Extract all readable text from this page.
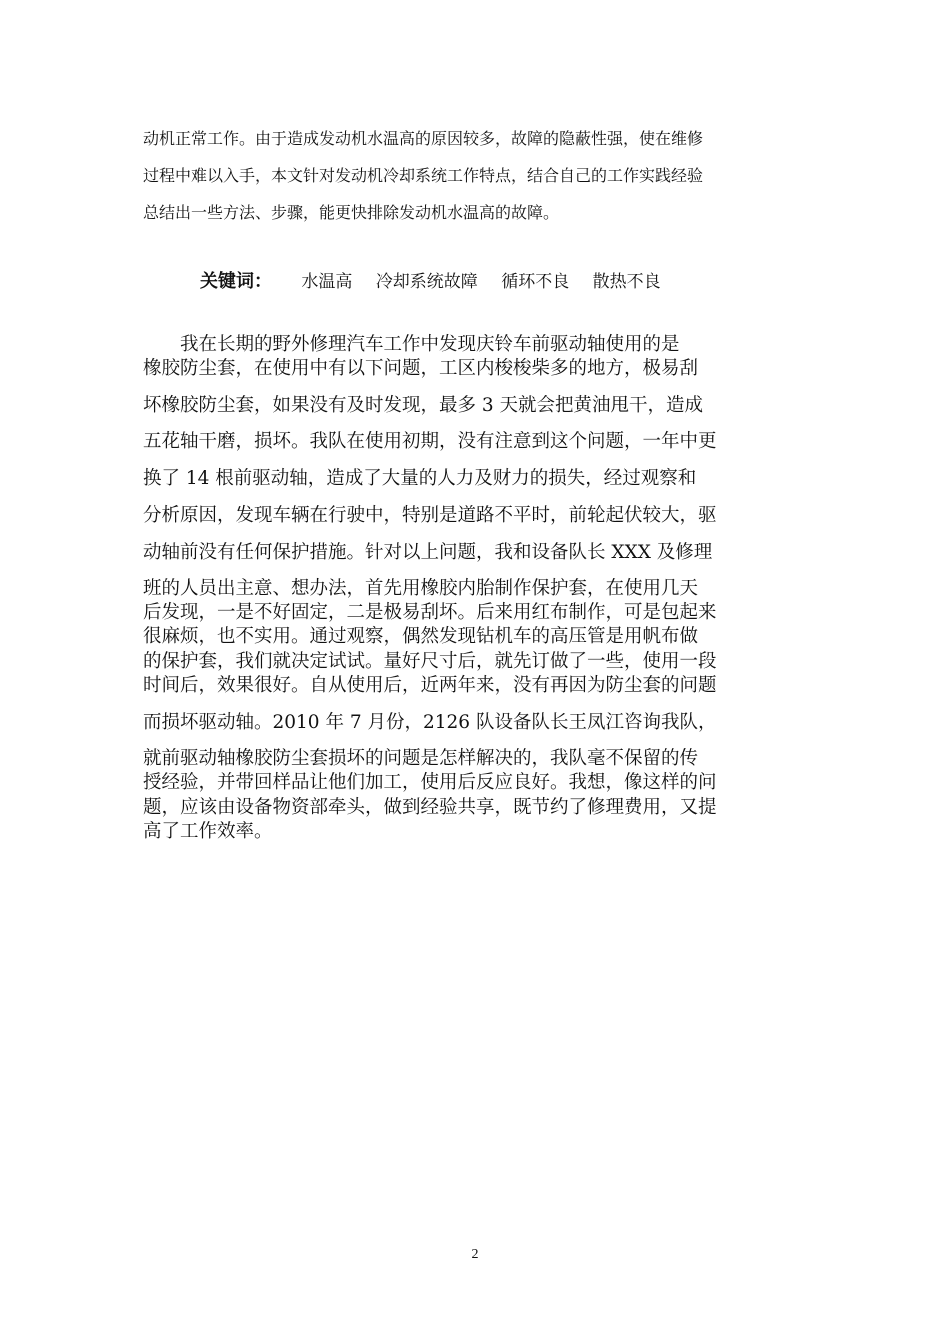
动机正常工作。由于造成发动机水温高的原因较多，故障的隐蔽性强，使在维修
过程中难以入手，本文针对发动机冷却系统工作特点，结合自己的工作实践经验
总结出一些方法、步骤，能更快排除发动机水温高的故障。
关键词： 水温高 冷却系统故障 循环不良 散热不良
我在长期的野外修理汽车工作中发现庆铃车前驱动轴使用的是
橡胶防尘套，在使用中有以下问题，工区内梭梭柴多的地方，极易刮
坏橡胶防尘套，如果没有及时发现，最多 3 天就会把黄油甩干，造成
五花轴干磨，损坏。我队在使用初期，没有注意到这个问题，一年中更
换了 14 根前驱动轴，造成了大量的人力及财力的损失，经过观察和
分析原因，发现车辆在行驶中，特别是道路不平时，前轮起伏较大，驱
动轴前没有任何保护措施。针对以上问题，我和设备队长 XXX 及修理
班的人员出主意、想办法，首先用橡胶内胎制作保护套，在使用几天
后发现，一是不好固定，二是极易刮坏。后来用红布制作，可是包起来
很麻烦，也不实用。通过观察，偶然发现钻机车的高压管是用帆布做
的保护套，我们就决定试试。量好尺寸后，就先订做了一些，使用一段
时间后，效果很好。自从使用后，近两年来，没有再因为防尘套的问题
而损坏驱动轴。2010 年 7 月份，2126 队设备队长王凤江咨询我队，
就前驱动轴橡胶防尘套损坏的问题是怎样解决的，我队毫不保留的传
授经验，并带回样品让他们加工，使用后反应良好。我想，像这样的问
题，应该由设备物资部牵头，做到经验共享，既节约了修理费用，又提
高了工作效率。
2
